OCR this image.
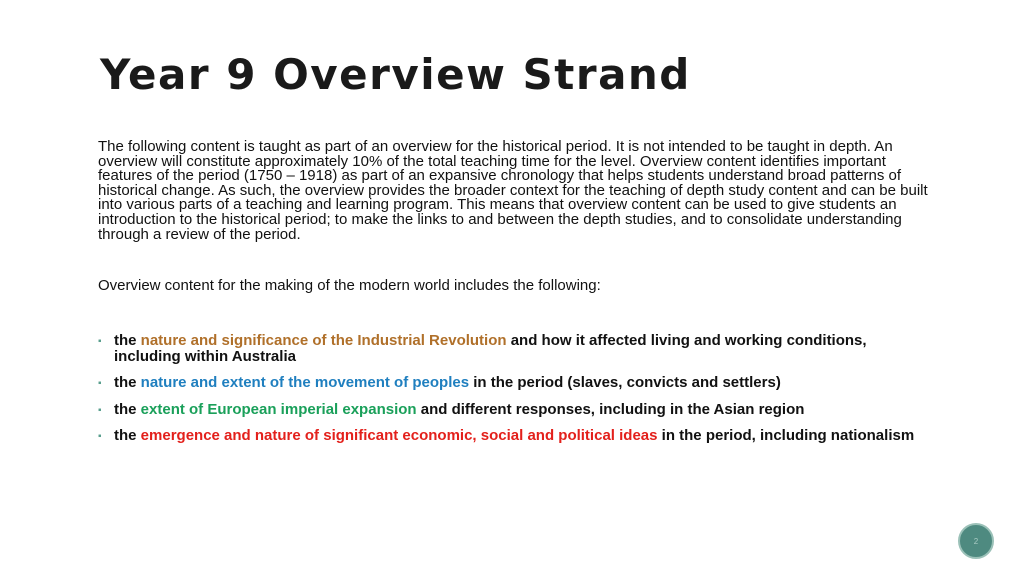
Year 9 Overview Strand

The following content is taught as part of an overview for the historical period. It is not intended to be taught in depth. An overview will constitute approximately 10% of the total teaching time for the level. Overview content identifies important features of the period (1750 – 1918) as part of an expansive chronology that helps students understand broad patterns of historical change. As such, the overview provides the broader context for the teaching of depth study content and can be built into various parts of a teaching and learning program. This means that overview content can be used to give students an introduction to the historical period; to make the links to and between the depth studies, and to consolidate understanding through a review of the period.

Overview content for the making of the modern world includes the following:

▪ the nature and significance of the Industrial Revolution and how it affected living and working conditions, including within Australia
▪ the nature and extent of the movement of peoples in the period (slaves, convicts and settlers)
▪ the extent of European imperial expansion and different responses, including in the Asian region
▪ the emergence and nature of significant economic, social and political ideas in the period, including nationalism
2
